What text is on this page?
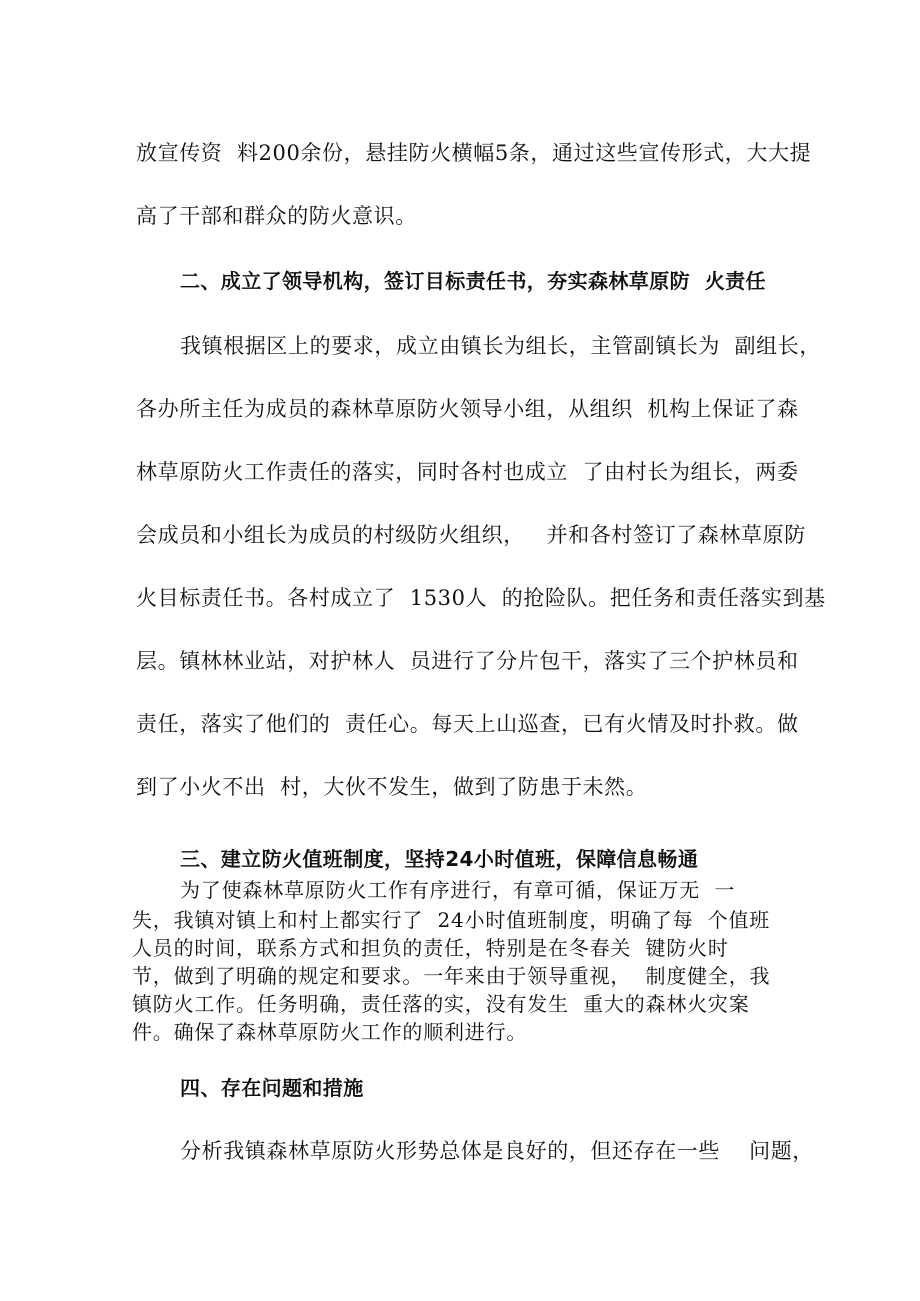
放宣传资  料200余份，悬挂防火横幅5条，通过这些宣传形式，大大提
高了干部和群众的防火意识。
二、成立了领导机构，签订目标责任书，夯实森林草原防  火责任
我镇根据区上的要求，成立由镇长为组长，主管副镇长为  副组长，
各办所主任为成员的森林草原防火领导小组，从组织  机构上保证了森
林草原防火工作责任的落实，同时各村也成立  了由村长为组长，两委
会成员和小组长为成员的村级防火组织，   并和各村签订了森林草原防
火目标责任书。各村成立了  1530人  的抢险队。把任务和责任落实到基
层。镇林林业站，对护林人  员进行了分片包干，落实了三个护林员和
责任，落实了他们的  责任心。每天上山巡查，已有火情及时扑救。做
到了小火不出  村，大伙不发生，做到了防患于未然。
三、建立防火值班制度，坚持24小时值班，保障信息畅通
为了使森林草原防火工作有序进行，有章可循，保证万无  一
失，我镇对镇上和村上都实行了  24小时值班制度，明确了每  个值班
人员的时间，联系方式和担负的责任，特别是在冬春关  键防火时
节，做到了明确的规定和要求。一年来由于领导重视，  制度健全，我
镇防火工作。任务明确，责任落的实，没有发生  重大的森林火灾案
件。确保了森林草原防火工作的顺利进行。
四、存在问题和措施
分析我镇森林草原防火形势总体是良好的，但还存在一些    问题，
